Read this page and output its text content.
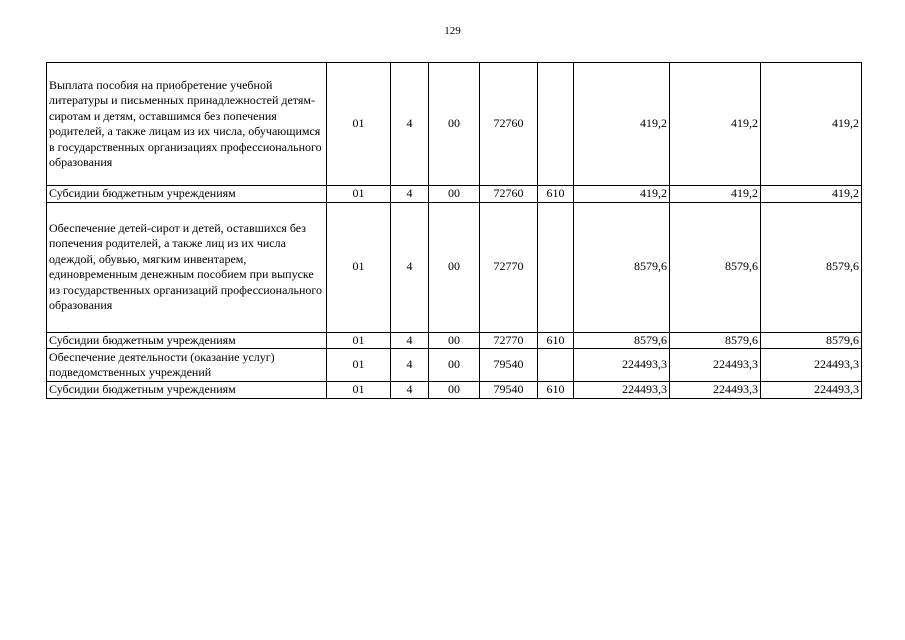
129
Выплата пособия на приобретение учебной литературы и письменных принадлежностей детям-сиротам и детям, оставшимся без попечения родителей, а также лицам из их числа, обучающимся в государственных организациях профессионального образования	01	4	00	72760		419,2	419,2	419,2
Субсидии бюджетным учреждениям	01	4	00	72760	610	419,2	419,2	419,2
Обеспечение детей-сирот и детей, оставшихся без попечения родителей, а также лиц из их числа одеждой, обувью, мягким инвентарем, единовременным денежным пособием при выпуске из государственных организаций профессионального образования	01	4	00	72770		8579,6	8579,6	8579,6
Субсидии бюджетным учреждениям	01	4	00	72770	610	8579,6	8579,6	8579,6
Обеспечение деятельности (оказание услуг) подведомственных учреждений	01	4	00	79540		224493,3	224493,3	224493,3
Субсидии бюджетным учреждениям	01	4	00	79540	610	224493,3	224493,3	224493,3
